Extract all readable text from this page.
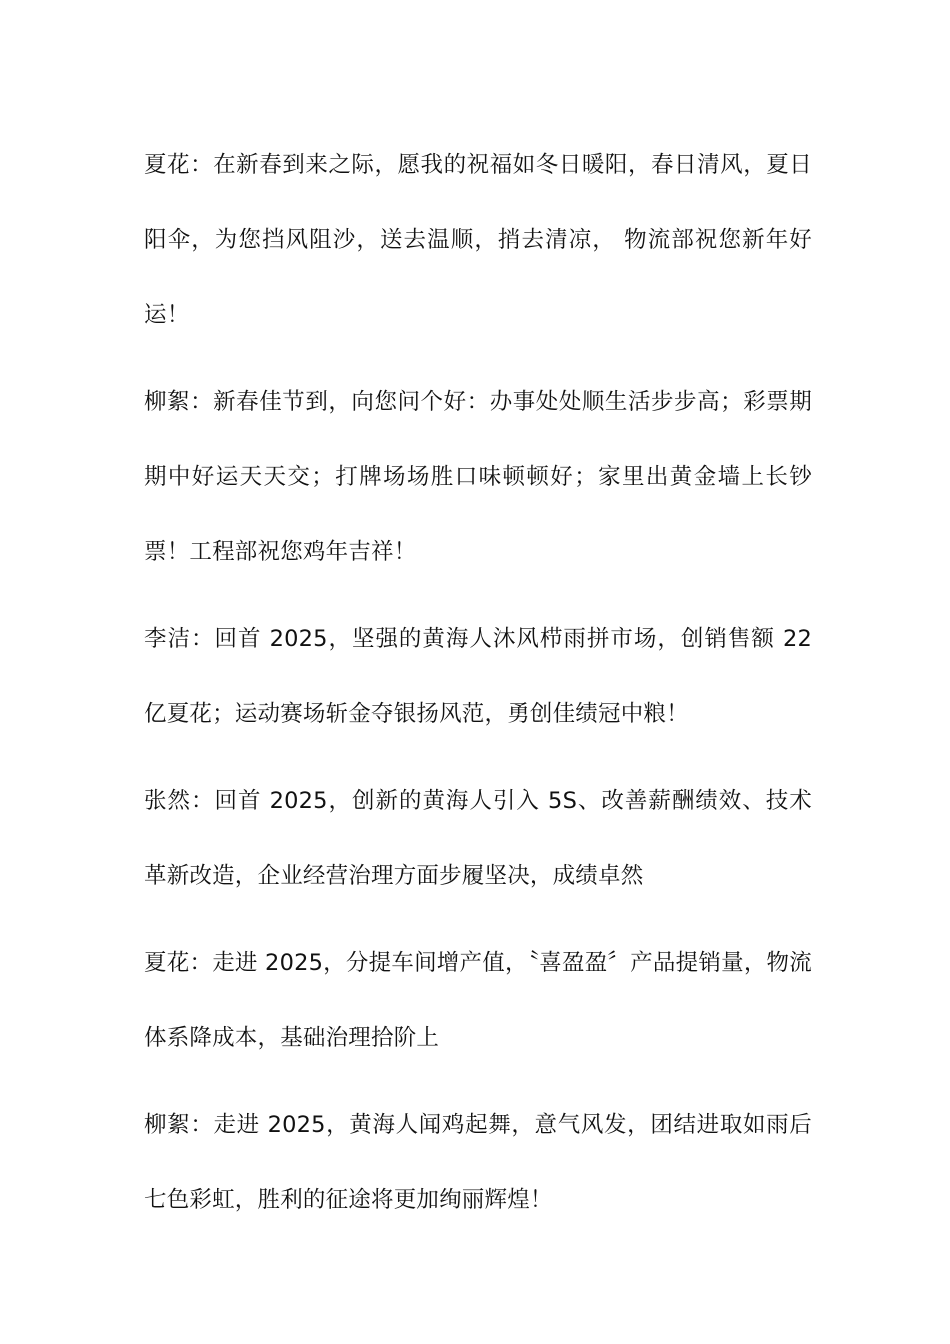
夏花：在新春到来之际，愿我的祝福如冬日暖阳，春日清风，夏日阳伞，为您挡风阻沙，送去温顺，捎去清凉， 物流部祝您新年好运！

柳絮：新春佳节到，向您问个好：办事处处顺生活步步高；彩票期期中好运天天交；打牌场场胜口味顿顿好；家里出黄金墙上长钞票！工程部祝您鸡年吉祥！

李洁：回首 2025，坚强的黄海人沐风栉雨拼市场，创销售额 22 亿夏花；运动赛场斩金夺银扬风范，勇创佳绩冠中粮！

张然：回首 2025，创新的黄海人引入 5S、改善薪酬绩效、技术革新改造，企业经营治理方面步履坚决，成绩卓然

夏花：走进 2025，分提车间增产值，〝喜盈盈〞产品提销量，物流体系降成本，基础治理拾阶上

柳絮：走进 2025，黄海人闻鸡起舞，意气风发，团结进取如雨后七色彩虹，胜利的征途将更加绚丽辉煌！
